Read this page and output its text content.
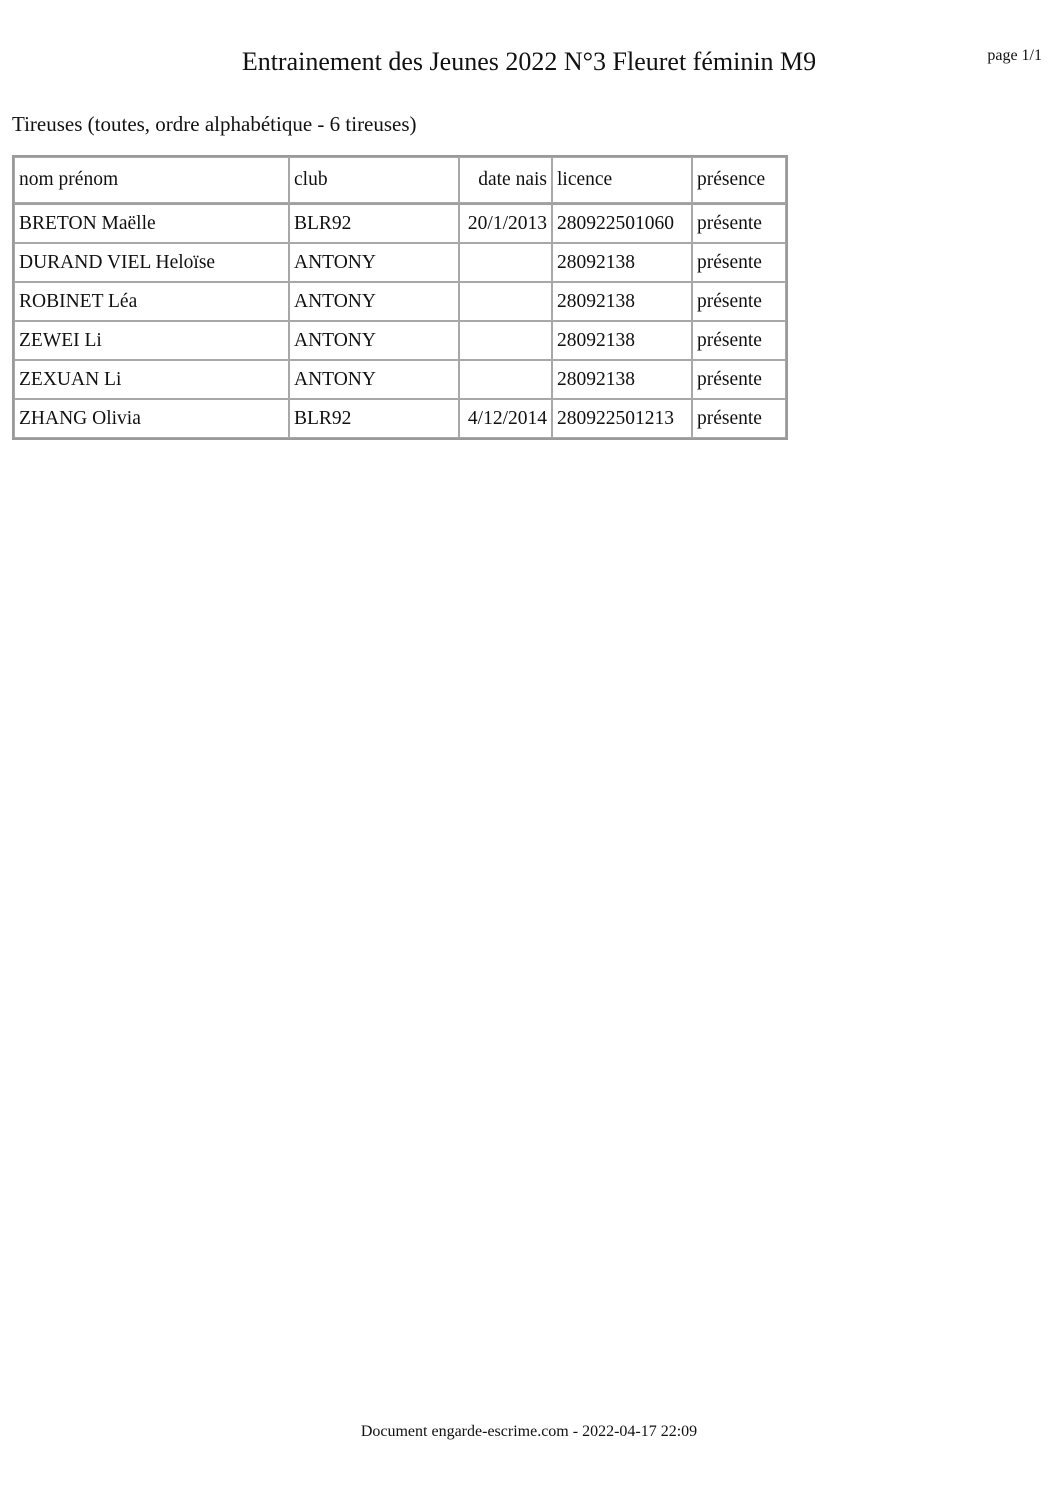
Entrainement des Jeunes 2022 N°3 Fleuret féminin M9	page 1/1
Tireuses (toutes, ordre alphabétique - 6 tireuses)
nom prénom	club	date nais	licence	présence
BRETON Maëlle	BLR92	20/1/2013	280922501060	présente
DURAND VIEL Heloïse	ANTONY		28092138	présente
ROBINET Léa	ANTONY		28092138	présente
ZEWEI Li	ANTONY		28092138	présente
ZEXUAN Li	ANTONY		28092138	présente
ZHANG Olivia	BLR92	4/12/2014	280922501213	présente
Document engarde-escrime.com - 2022-04-17 22:09
